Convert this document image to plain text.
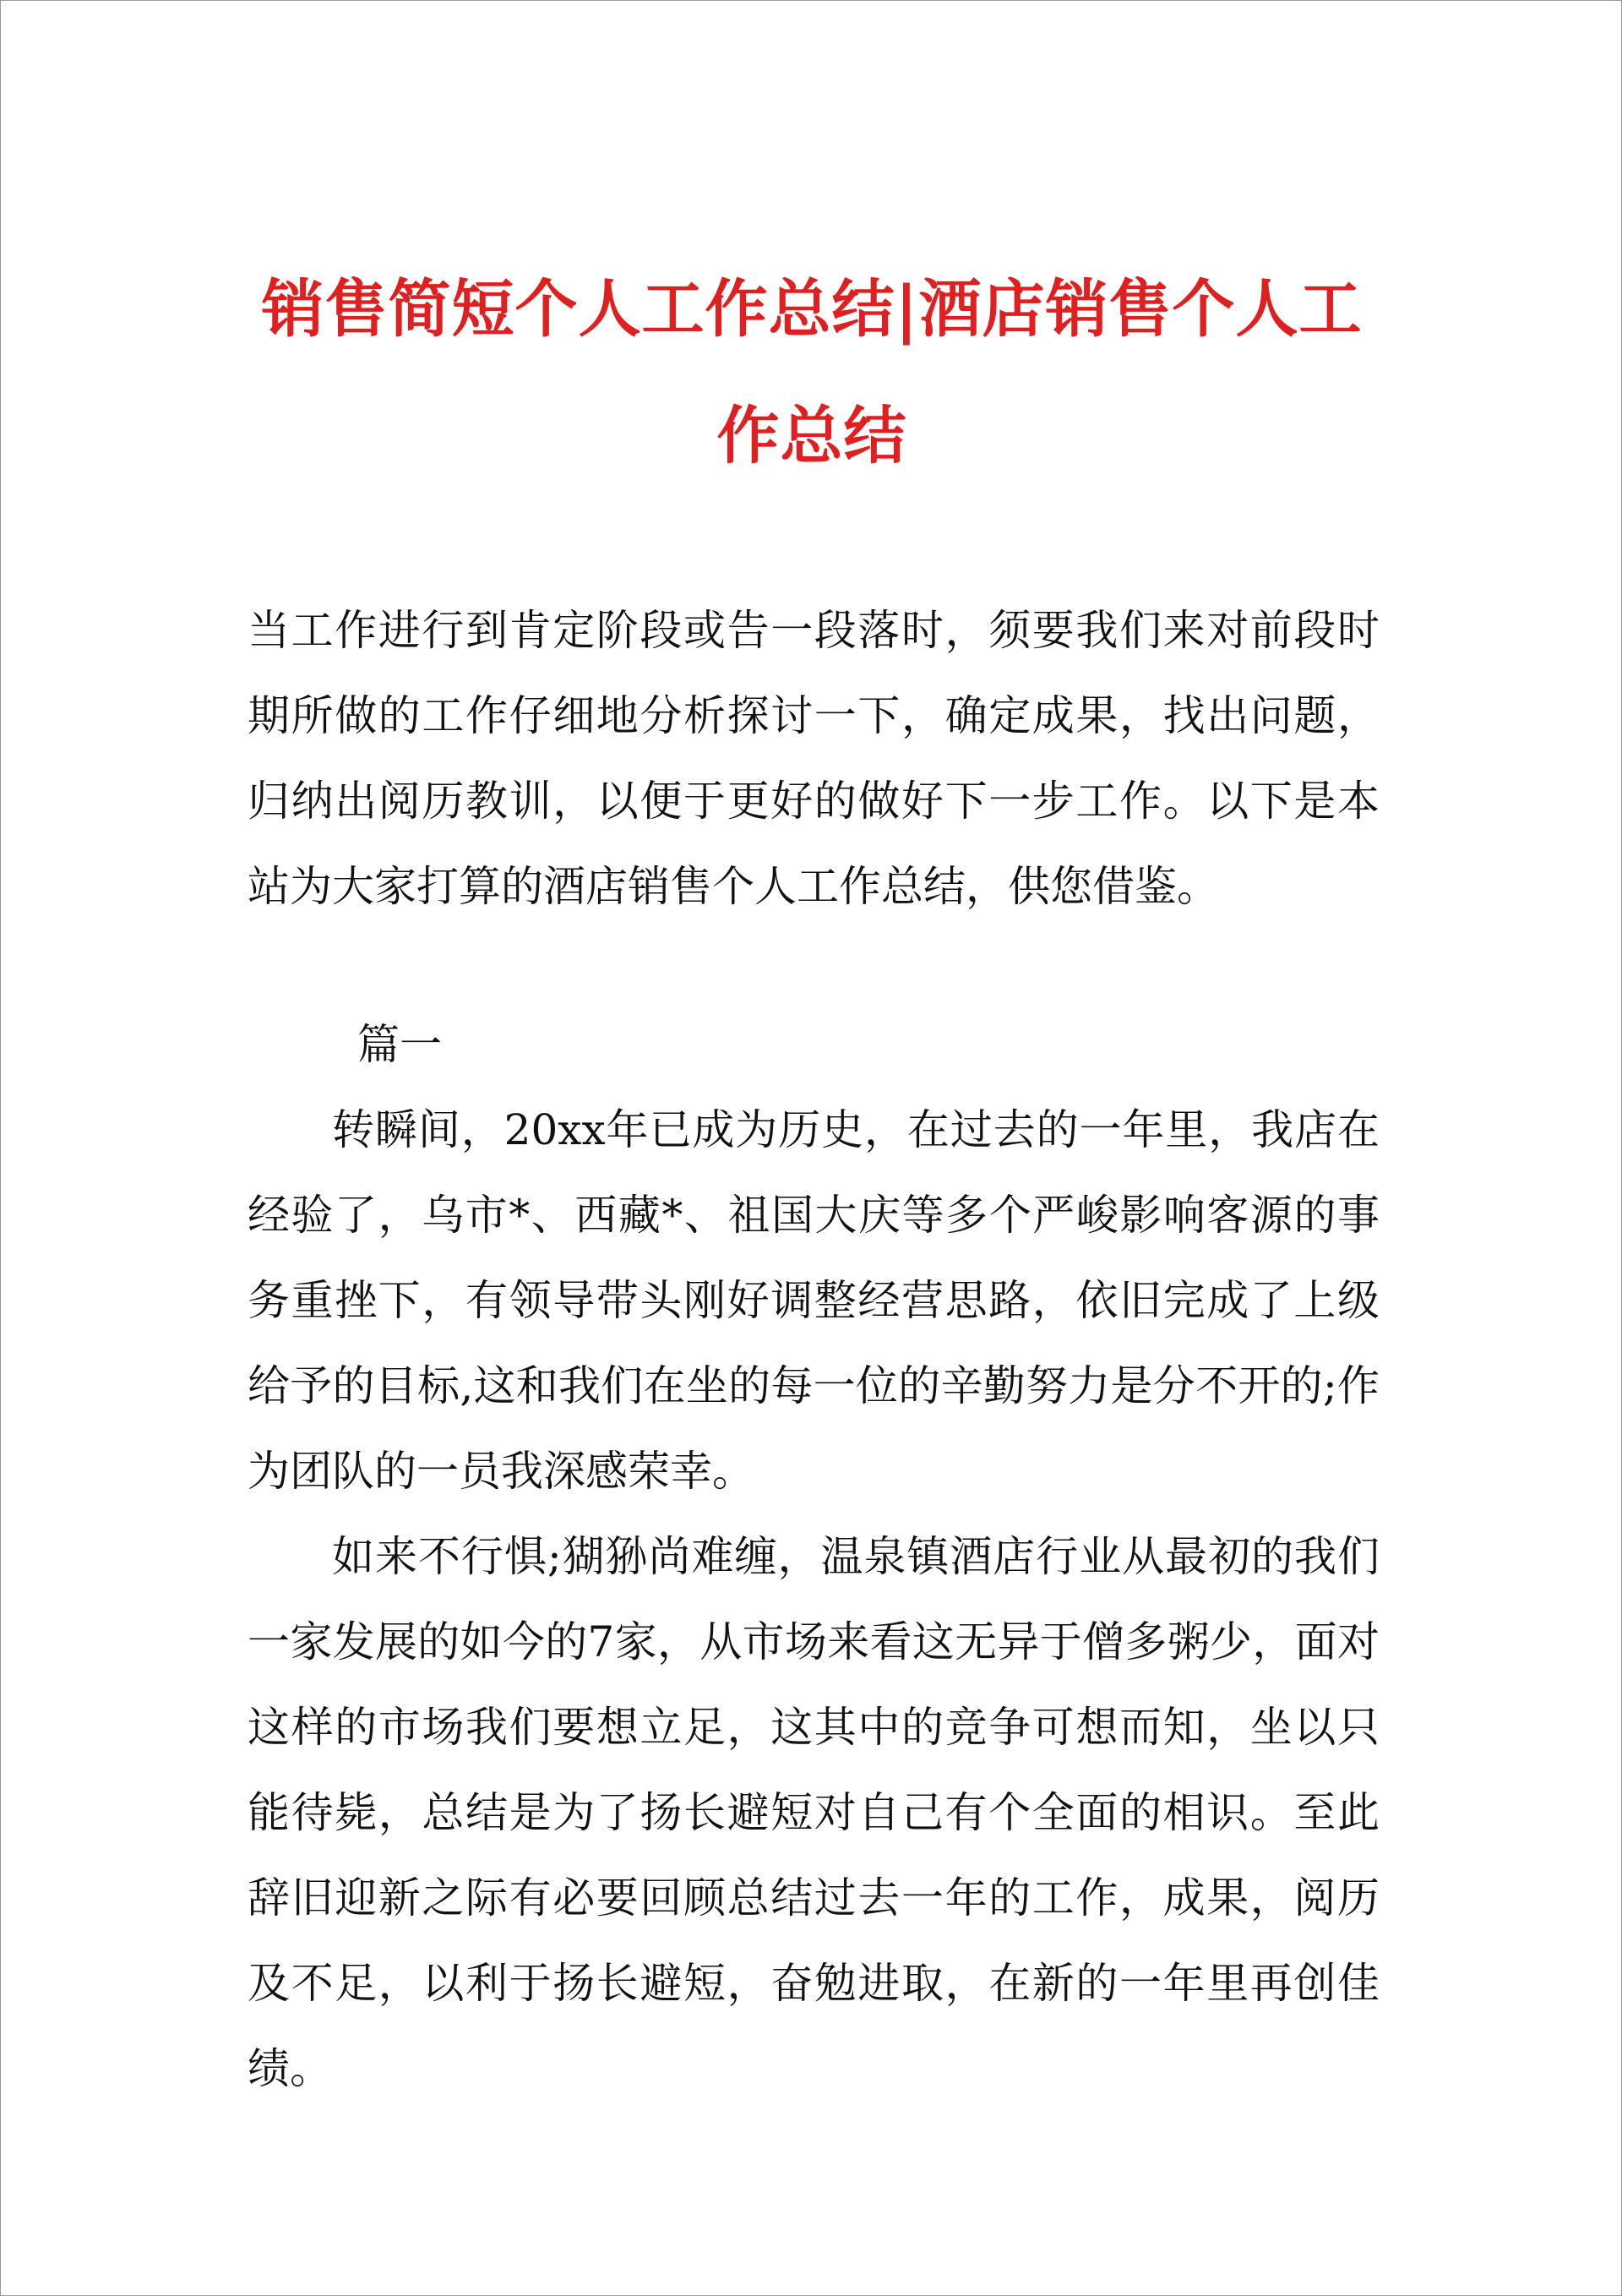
销售简短个人工作总结|酒店销售个人工作总结

当工作进行到肯定阶段或告一段落时，须要我们来对前段时期所做的工作仔细地分析探讨一下，确定成果，找出问题，归纳出阅历教训，以便于更好的做好下一步工作。以下是本站为大家打算的酒店销售个人工作总结，供您借鉴。

篇一

转瞬间，20xx年已成为历史，在过去的一年里，我店在经验了，乌市*、西藏*、祖国大庆等多个严峻影响客源的事务重挫下，有领导带头刚好调整经营思路，依旧完成了上级给予的目标,这和我们在坐的每一位的辛勤努力是分不开的;作为团队的一员我深感荣幸。

如来不行惧;猢狲尚难缠，温泉镇酒店行业从最初的我们一家发展的如今的7家，从市场来看这无异于僧多粥少，面对这样的市场我们要想立足，这其中的竞争可想而知，坐以只能待毙，总结是为了扬长避短对自己有个全面的相识。至此辞旧迎新之际有必要回顾总结过去一年的工作，成果，阅历及不足，以利于扬长避短，奋勉进取，在新的一年里再创佳绩。
